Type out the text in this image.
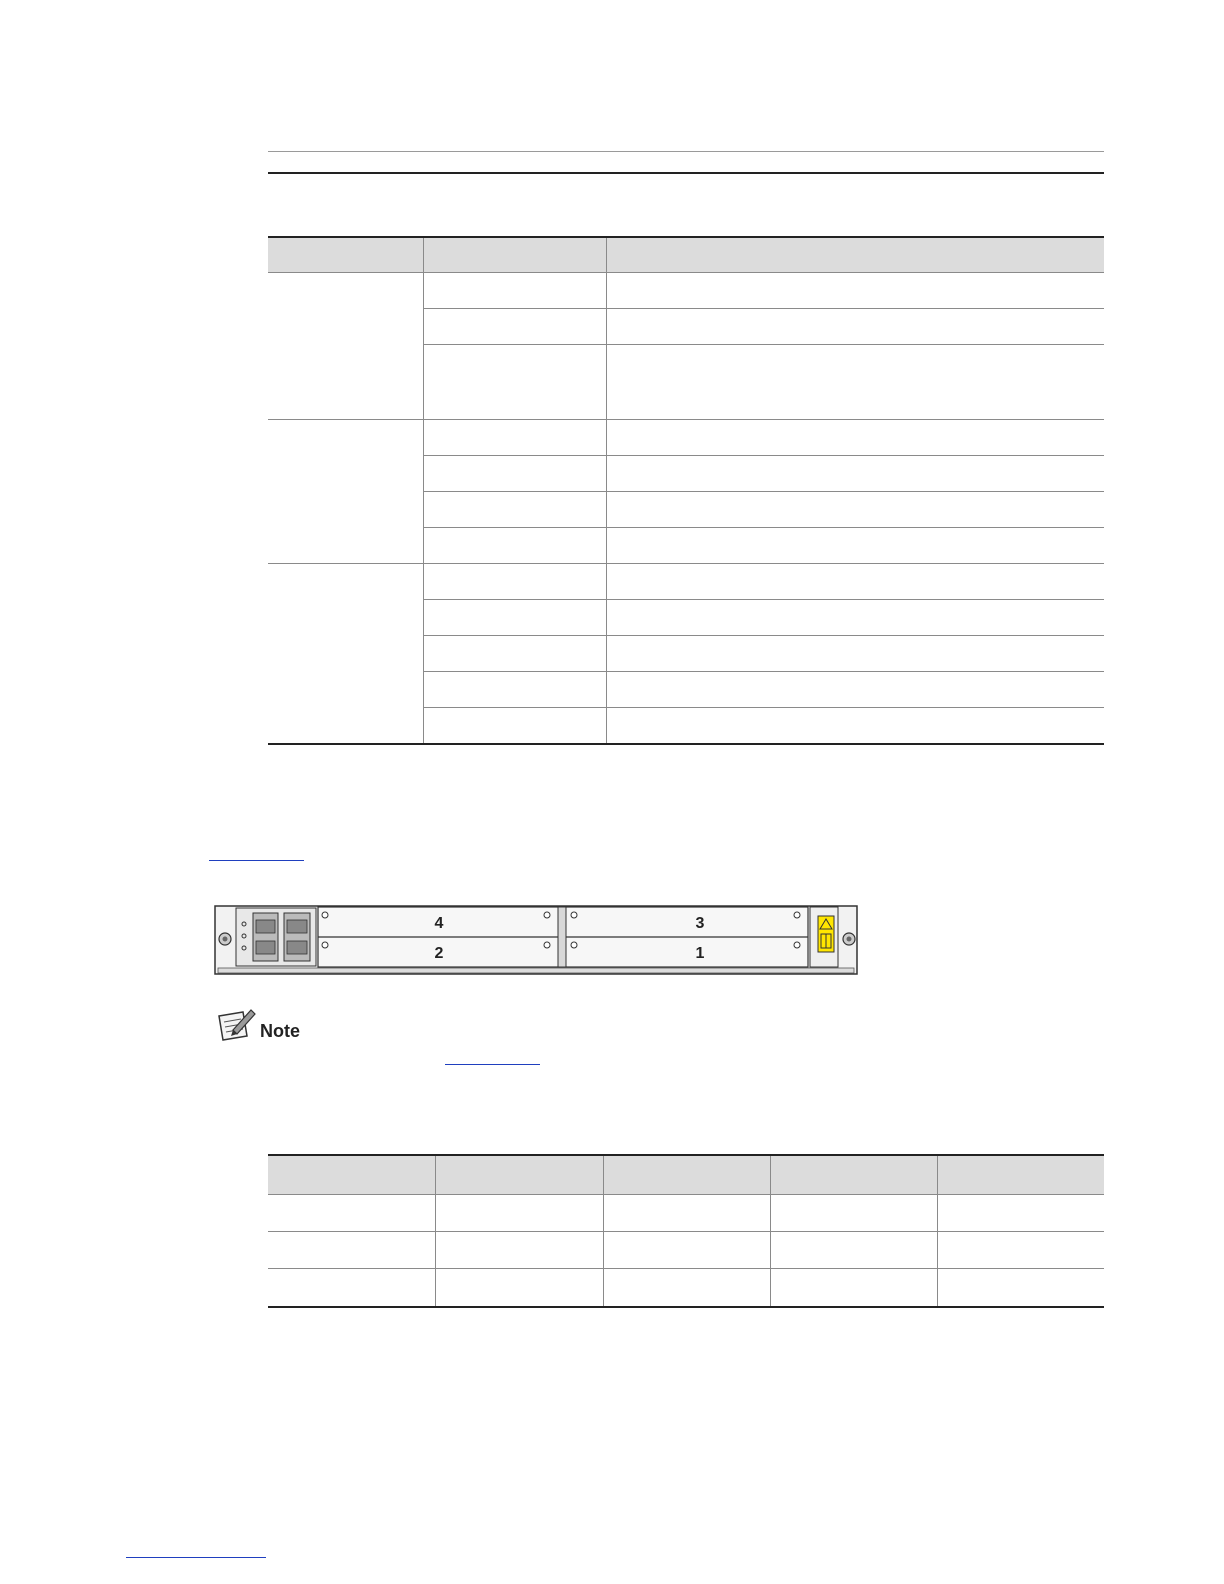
4	3
2	1
Note
